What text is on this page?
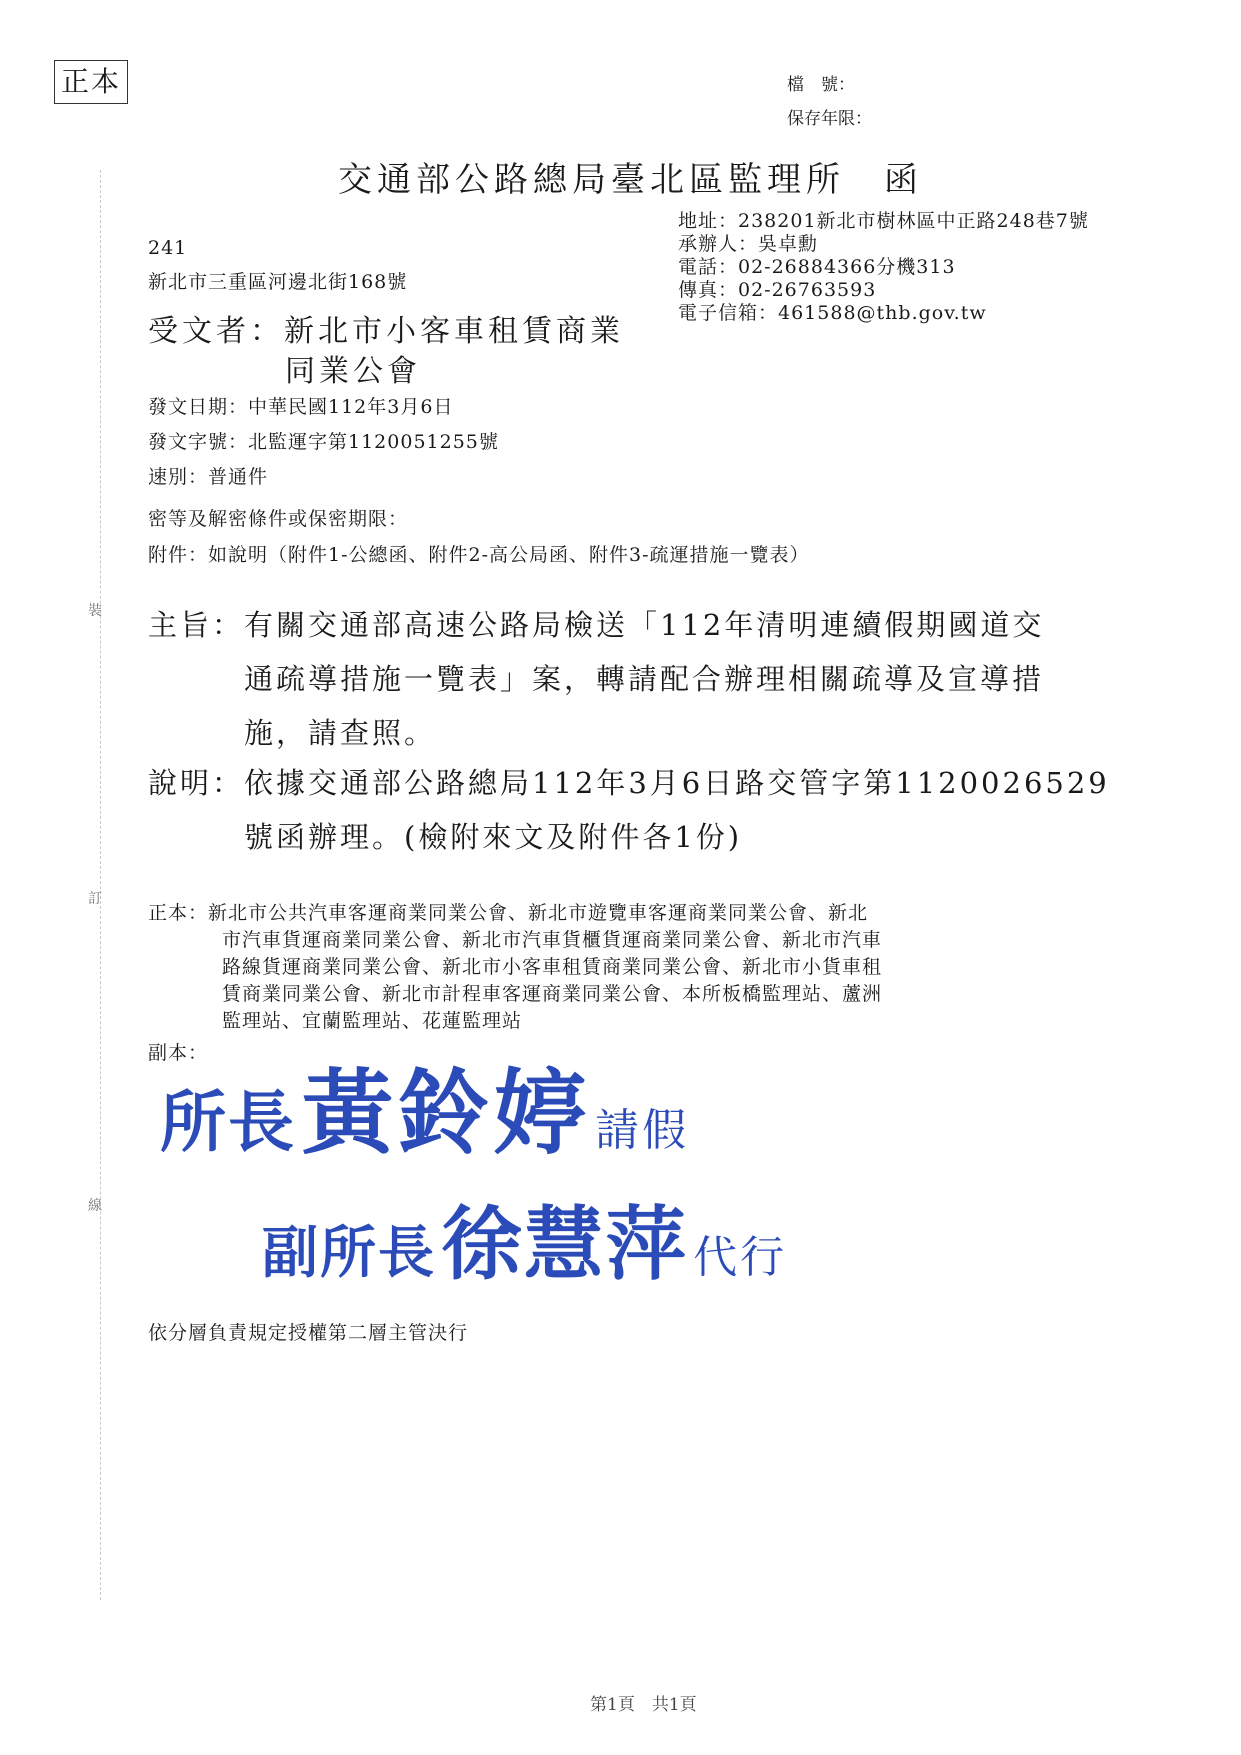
正本	檔　號：
保存年限：
裝
訂
線
交通部公路總局臺北區監理所　函
地址：238201新北市樹林區中正路248巷7號
承辦人：吳卓勳
電話：02-26884366分機313
傳真：02-26763593
電子信箱：461588@thb.gov.tw
241
新北市三重區河邊北街168號
受文者：新北市小客車租賃商業
同業公會
發文日期：中華民國112年3月6日
發文字號：北監運字第1120051255號
速別：普通件
密等及解密條件或保密期限：
附件：如說明（附件1-公總函、附件2-高公局函、附件3-疏運措施一覽表）
主旨：有關交通部高速公路局檢送「112年清明連續假期國道交
通疏導措施一覽表」案，轉請配合辦理相關疏導及宣導措
施，請查照。
說明：依據交通部公路總局112年3月6日路交管字第1120026529
號函辦理。(檢附來文及附件各1份)
正本：新北市公共汽車客運商業同業公會、新北市遊覽車客運商業同業公會、新北
市汽車貨運商業同業公會、新北市汽車貨櫃貨運商業同業公會、新北市汽車
路線貨運商業同業公會、新北市小客車租賃商業同業公會、新北市小貨車租
賃商業同業公會、新北市計程車客運商業同業公會、本所板橋監理站、蘆洲
監理站、宜蘭監理站、花蓮監理站
副本：
所長 黃鈴婷 請假
副所長 徐慧萍 代行
依分層負責規定授權第二層主管決行
第1頁　共1頁
